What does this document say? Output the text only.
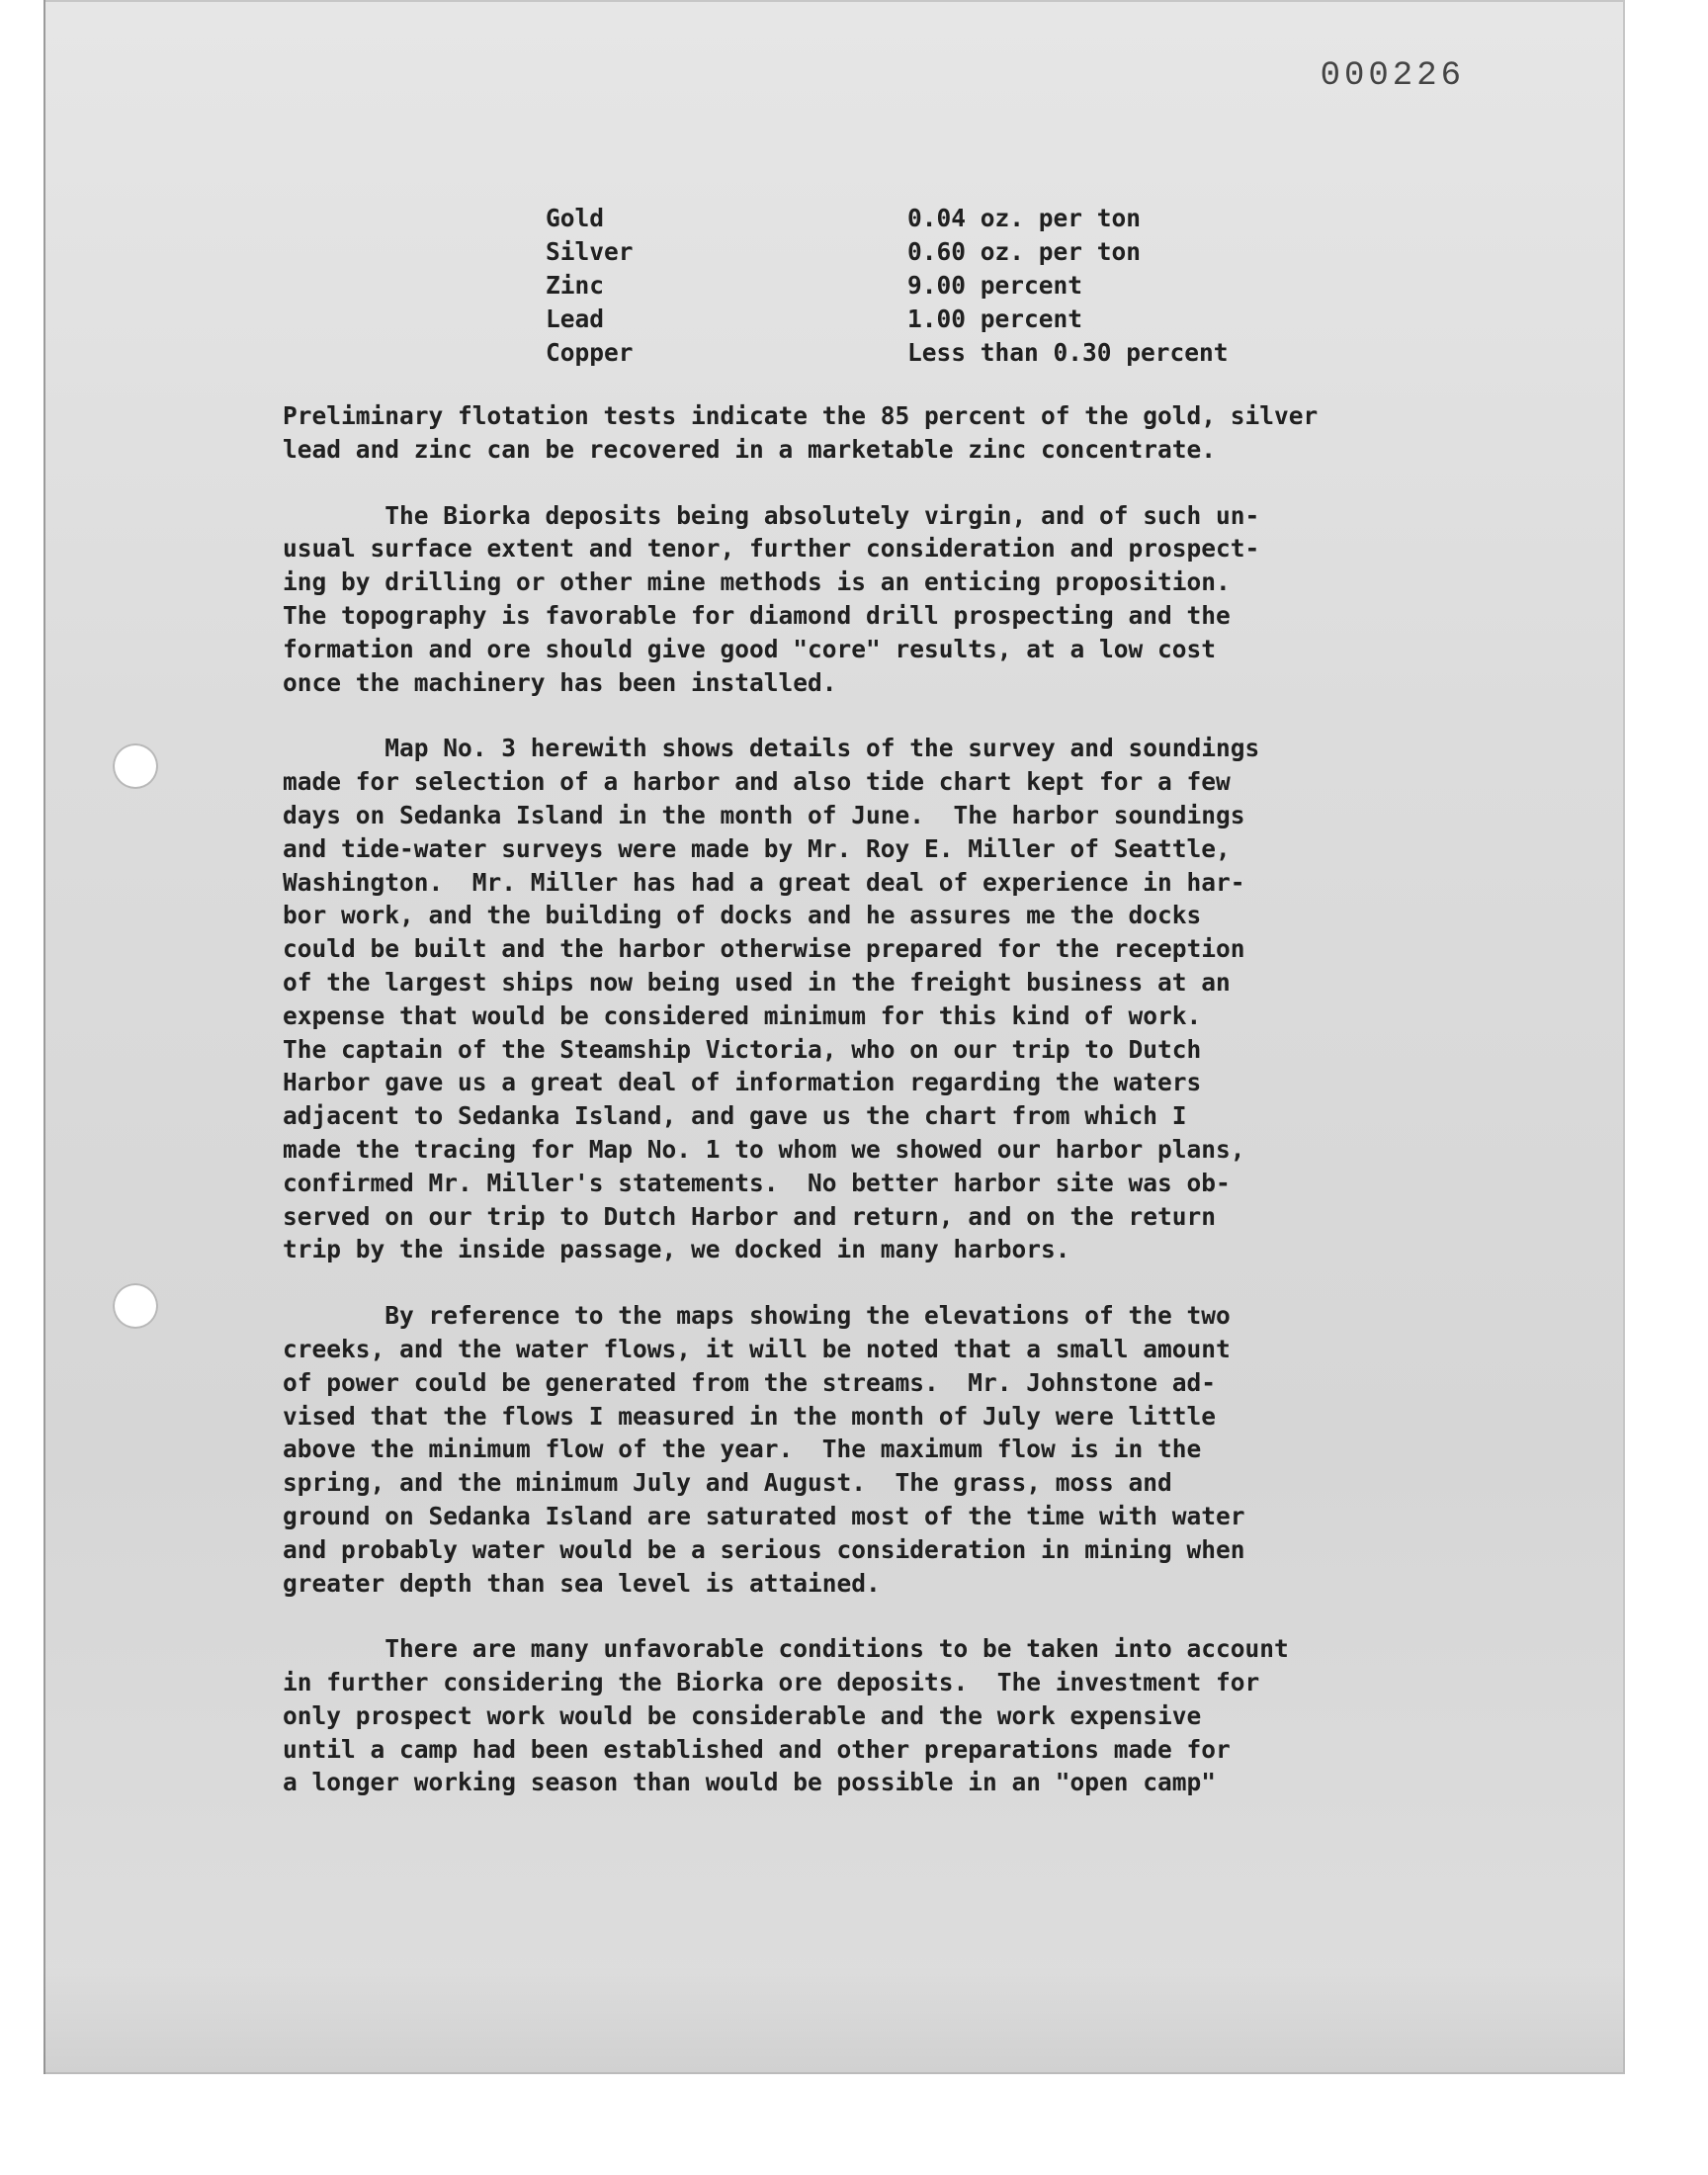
000226
Gold	0.04 oz. per ton
Silver	0.60 oz. per ton
Zinc	9.00 percent
Lead	1.00 percent
Copper	Less than 0.30 percent

Preliminary flotation tests indicate the 85 percent of the gold, silver
lead and zinc can be recovered in a marketable zinc concentrate.

The Biorka deposits being absolutely virgin, and of such un-
usual surface extent and tenor, further consideration and prospect-
ing by drilling or other mine methods is an enticing proposition.
The topography is favorable for diamond drill prospecting and the
formation and ore should give good "core" results, at a low cost
once the machinery has been installed.

Map No. 3 herewith shows details of the survey and soundings
made for selection of a harbor and also tide chart kept for a few
days on Sedanka Island in the month of June.  The harbor soundings
and tide-water surveys were made by Mr. Roy E. Miller of Seattle,
Washington.  Mr. Miller has had a great deal of experience in har-
bor work, and the building of docks and he assures me the docks
could be built and the harbor otherwise prepared for the reception
of the largest ships now being used in the freight business at an
expense that would be considered minimum for this kind of work.
The captain of the Steamship Victoria, who on our trip to Dutch
Harbor gave us a great deal of information regarding the waters
adjacent to Sedanka Island, and gave us the chart from which I
made the tracing for Map No. 1 to whom we showed our harbor plans,
confirmed Mr. Miller's statements.  No better harbor site was ob-
served on our trip to Dutch Harbor and return, and on the return
trip by the inside passage, we docked in many harbors.

By reference to the maps showing the elevations of the two
creeks, and the water flows, it will be noted that a small amount
of power could be generated from the streams.  Mr. Johnstone ad-
vised that the flows I measured in the month of July were little
above the minimum flow of the year.  The maximum flow is in the
spring, and the minimum July and August.  The grass, moss and
ground on Sedanka Island are saturated most of the time with water
and probably water would be a serious consideration in mining when
greater depth than sea level is attained.

There are many unfavorable conditions to be taken into account
in further considering the Biorka ore deposits.  The investment for
only prospect work would be considerable and the work expensive
until a camp had been established and other preparations made for
a longer working season than would be possible in an "open camp"
